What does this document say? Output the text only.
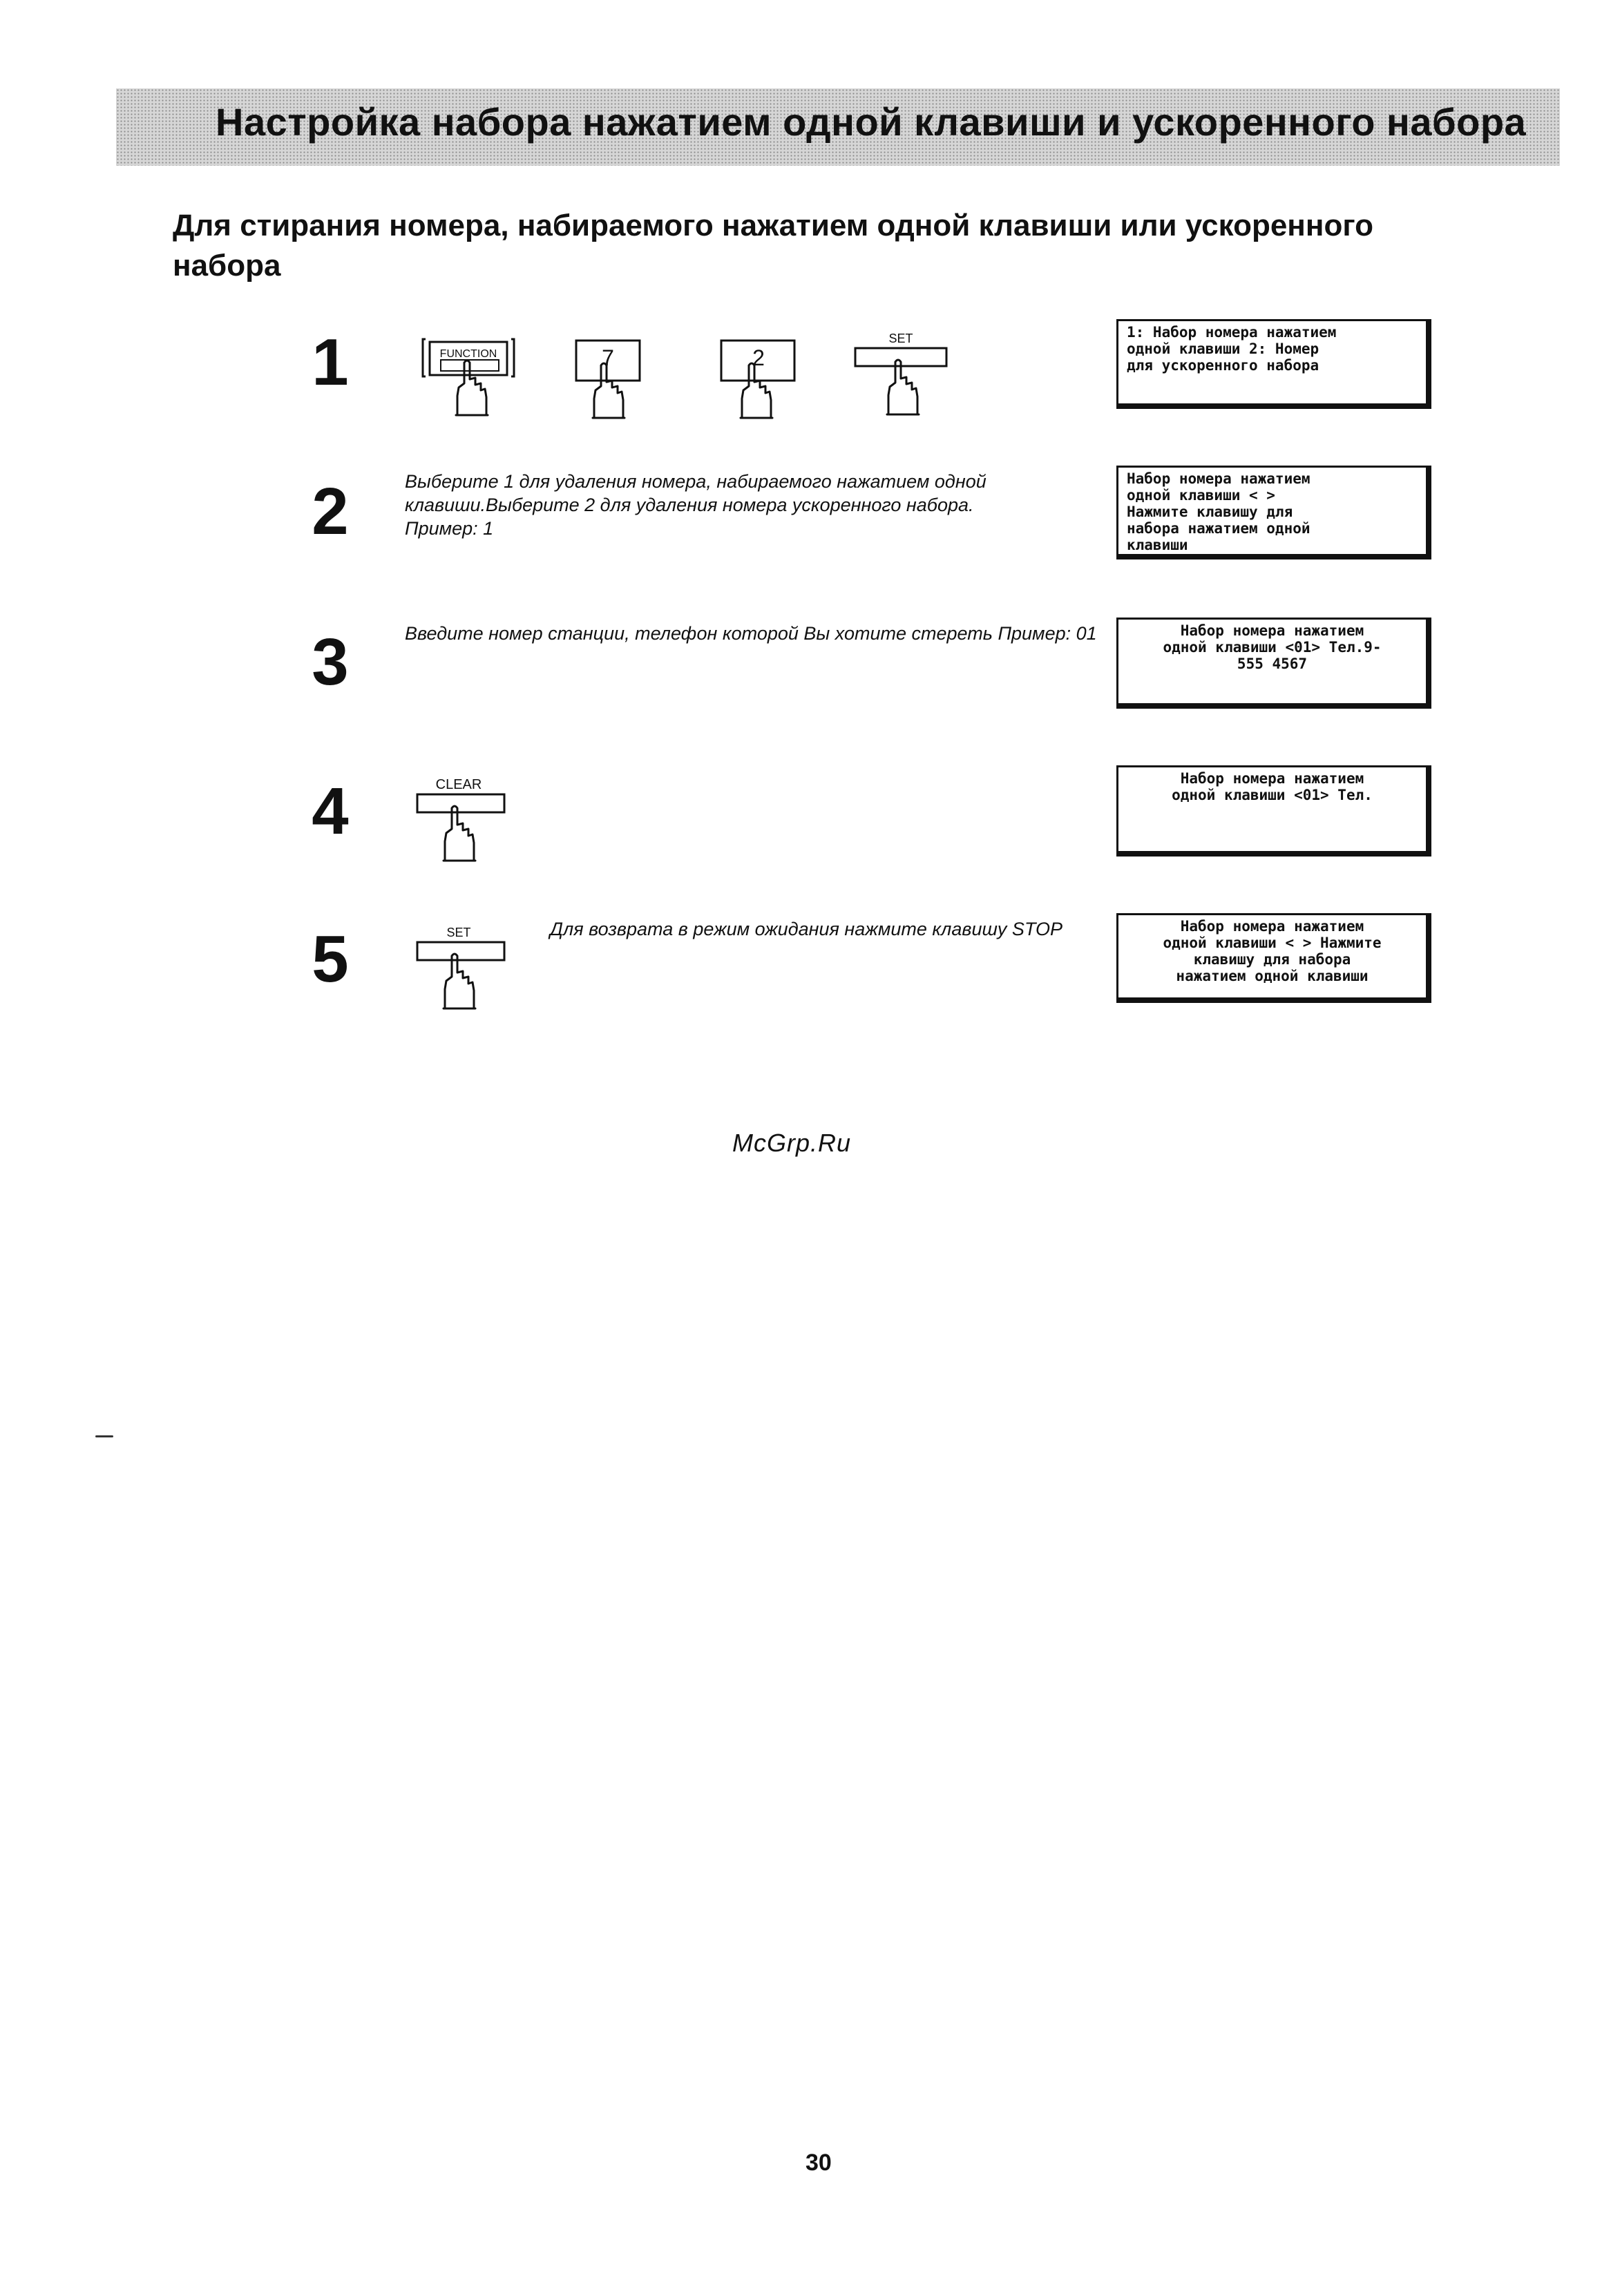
Настройка набора нажатием одной клавиши и ускоренного набора
Для стирания номера, набираемого нажатием одной клавиши или ускоренного набора
1	FUNCTION	7	2
SET	1: Набор номера нажатием
одной клавиши 2: Номер
для ускоренного набора
2	Выберите 1 для удаления номера, набираемого нажатием одной
клавиши.Выберите 2 для удаления номера ускоренного набора.
Пример: 1
Набор номера нажатием
одной клавиши < >
Нажмите клавишу для
набора нажатием одной
клавиши
3	Введите номер станции, телефон которой Вы хотите стереть Пример: 01	Набор номера нажатием
одной клавиши <01> Тел.9-
555 4567
4	CLEAR	Набор номера нажатием
одной клавиши <01> Тел.
5	SET	Для возврата в режим ожидания нажмите клавишу STOP	Набор номера нажатием
одной клавиши < > Нажмите
клавишу для набора
нажатием одной клавиши
McGrp.Ru
30
